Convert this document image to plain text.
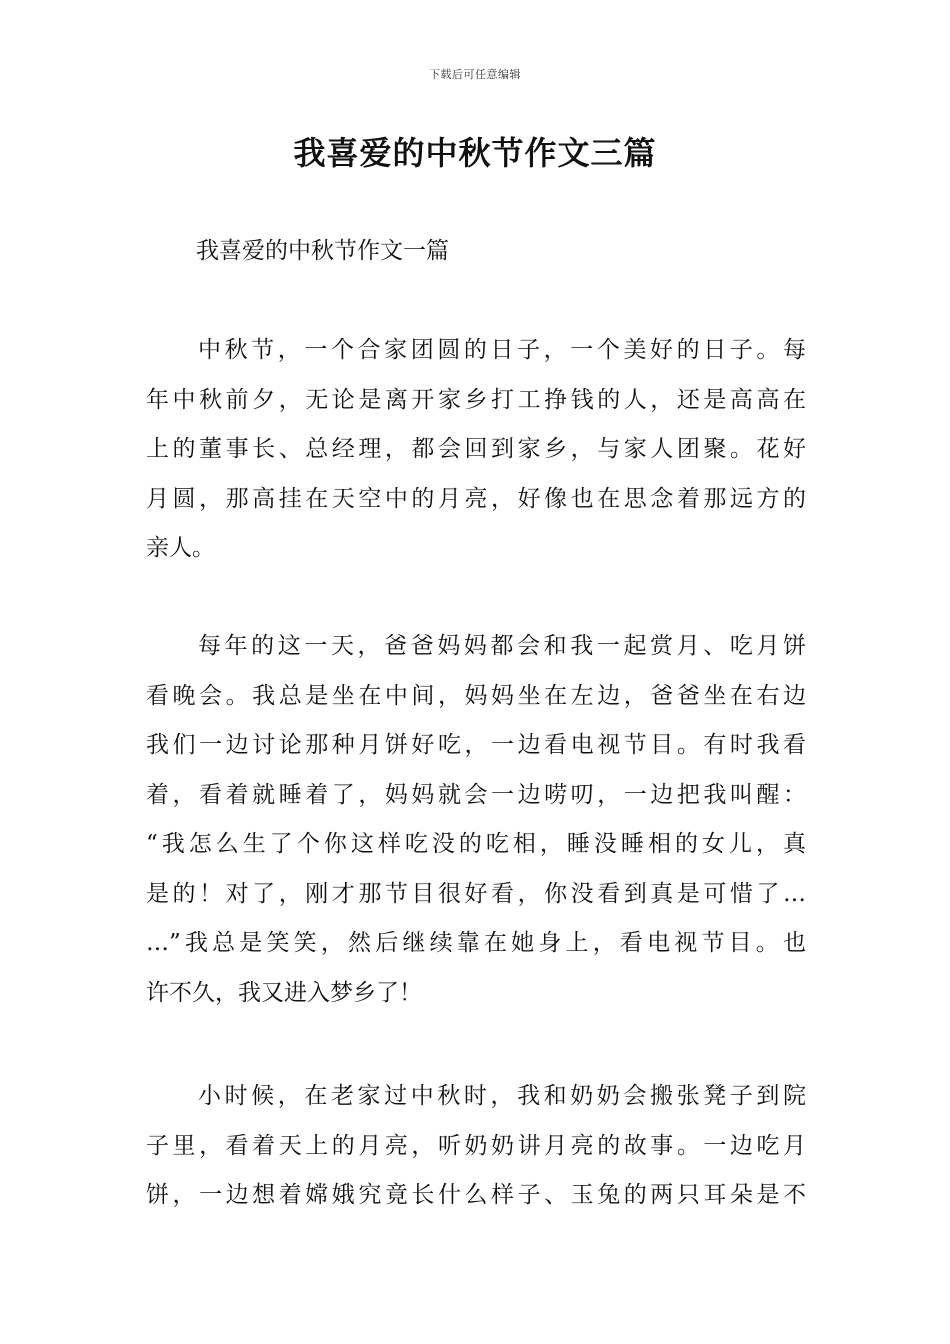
下载后可任意编辑
我喜爱的中秋节作文三篇
我喜爱的中秋节作文一篇
中秋节，一个合家团圆的日子，一个美好的日子。每
年中秋前夕，无论是离开家乡打工挣钱的人，还是高高在
上的董事长、总经理，都会回到家乡，与家人团聚。花好
月圆，那高挂在天空中的月亮，好像也在思念着那远方的
亲人。
每年的这一天，爸爸妈妈都会和我一起赏月、吃月饼
看晚会。我总是坐在中间，妈妈坐在左边，爸爸坐在右边
我们一边讨论那种月饼好吃，一边看电视节目。有时我看
着，看着就睡着了，妈妈就会一边唠叨，一边把我叫醒：
“我怎么生了个你这样吃没的吃相，睡没睡相的女儿，真
是的！对了，刚才那节目很好看，你没看到真是可惜了…
…”我总是笑笑，然后继续靠在她身上，看电视节目。也
许不久，我又进入梦乡了！
小时候，在老家过中秋时，我和奶奶会搬张凳子到院
子里，看着天上的月亮，听奶奶讲月亮的故事。一边吃月
饼，一边想着嫦娥究竟长什么样子、玉兔的两只耳朵是不
